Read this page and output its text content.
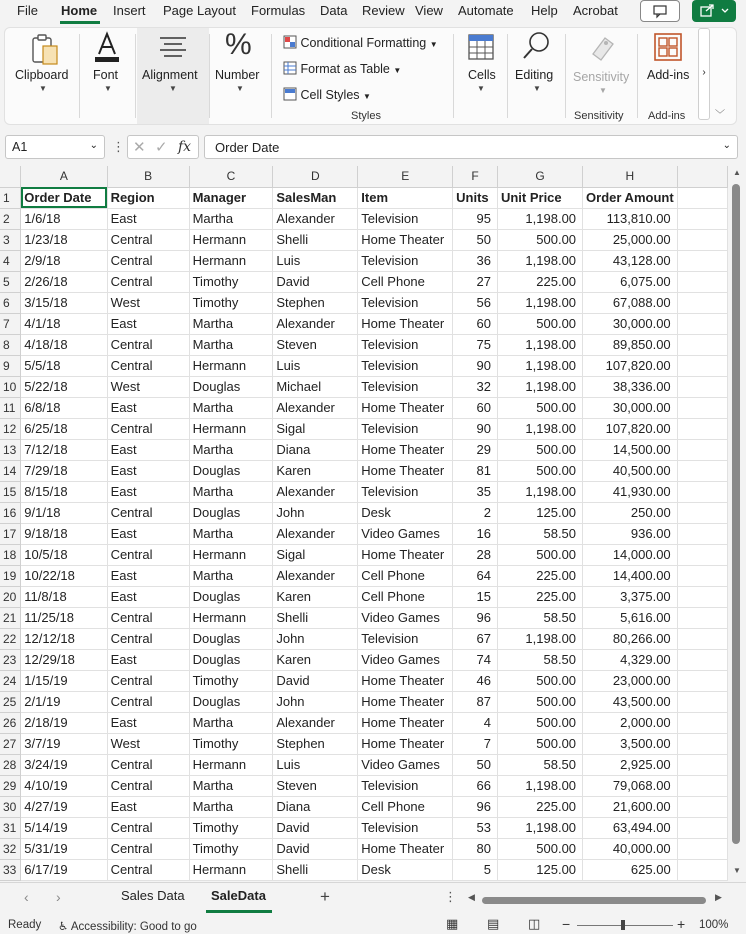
File Home Insert Page Layout Formulas Data Review View Automate Help Acrobat
Clipboard
▼
Font
▼
Alignment
▼
%
Number
▼
Conditional Formatting ▼
Format as Table ▼
Cell Styles ▼
Styles
Cells
▼
Editing
▼
Sensitivity
▼
Sensitivity
Add-ins
Add-ins
›
﹀
A1	⌄ ⋮ ✕ ✓ fx	Order Date	⌄
	A	B	C	D	E	F	G	H	
1	Order Date	Region	Manager	SalesMan	Item	Units	Unit Price	Order Amount	
2	1/6/18	East	Martha	Alexander	Television	95	1,198.00	113,810.00	
3	1/23/18	Central	Hermann	Shelli	Home Theater	50	500.00	25,000.00	
4	2/9/18	Central	Hermann	Luis	Television	36	1,198.00	43,128.00	
5	2/26/18	Central	Timothy	David	Cell Phone	27	225.00	6,075.00	
6	3/15/18	West	Timothy	Stephen	Television	56	1,198.00	67,088.00	
7	4/1/18	East	Martha	Alexander	Home Theater	60	500.00	30,000.00	
8	4/18/18	Central	Martha	Steven	Television	75	1,198.00	89,850.00	
9	5/5/18	Central	Hermann	Luis	Television	90	1,198.00	107,820.00	
10	5/22/18	West	Douglas	Michael	Television	32	1,198.00	38,336.00	
11	6/8/18	East	Martha	Alexander	Home Theater	60	500.00	30,000.00	
12	6/25/18	Central	Hermann	Sigal	Television	90	1,198.00	107,820.00	
13	7/12/18	East	Martha	Diana	Home Theater	29	500.00	14,500.00	
14	7/29/18	East	Douglas	Karen	Home Theater	81	500.00	40,500.00	
15	8/15/18	East	Martha	Alexander	Television	35	1,198.00	41,930.00	
16	9/1/18	Central	Douglas	John	Desk	2	125.00	250.00	
17	9/18/18	East	Martha	Alexander	Video Games	16	58.50	936.00	
18	10/5/18	Central	Hermann	Sigal	Home Theater	28	500.00	14,000.00	
19	10/22/18	East	Martha	Alexander	Cell Phone	64	225.00	14,400.00	
20	11/8/18	East	Douglas	Karen	Cell Phone	15	225.00	3,375.00	
21	11/25/18	Central	Hermann	Shelli	Video Games	96	58.50	5,616.00	
22	12/12/18	Central	Douglas	John	Television	67	1,198.00	80,266.00	
23	12/29/18	East	Douglas	Karen	Video Games	74	58.50	4,329.00	
24	1/15/19	Central	Timothy	David	Home Theater	46	500.00	23,000.00	
25	2/1/19	Central	Douglas	John	Home Theater	87	500.00	43,500.00	
26	2/18/19	East	Martha	Alexander	Home Theater	4	500.00	2,000.00	
27	3/7/19	West	Timothy	Stephen	Home Theater	7	500.00	3,500.00	
28	3/24/19	Central	Hermann	Luis	Video Games	50	58.50	2,925.00	
29	4/10/19	Central	Martha	Steven	Television	66	1,198.00	79,068.00	
30	4/27/19	East	Martha	Diana	Cell Phone	96	225.00	21,600.00	
31	5/14/19	Central	Timothy	David	Television	53	1,198.00	63,494.00	
32	5/31/19	Central	Timothy	David	Home Theater	80	500.00	40,000.00	
33	6/17/19	Central	Hermann	Shelli	Desk	5	125.00	625.00	
▲
▼
‹ ›	Sales Data SaleData	+	⋮ ◀	▶
Ready ♿ Accessibility: Good to go	▦ ▤ ◫ −	+ 100%
